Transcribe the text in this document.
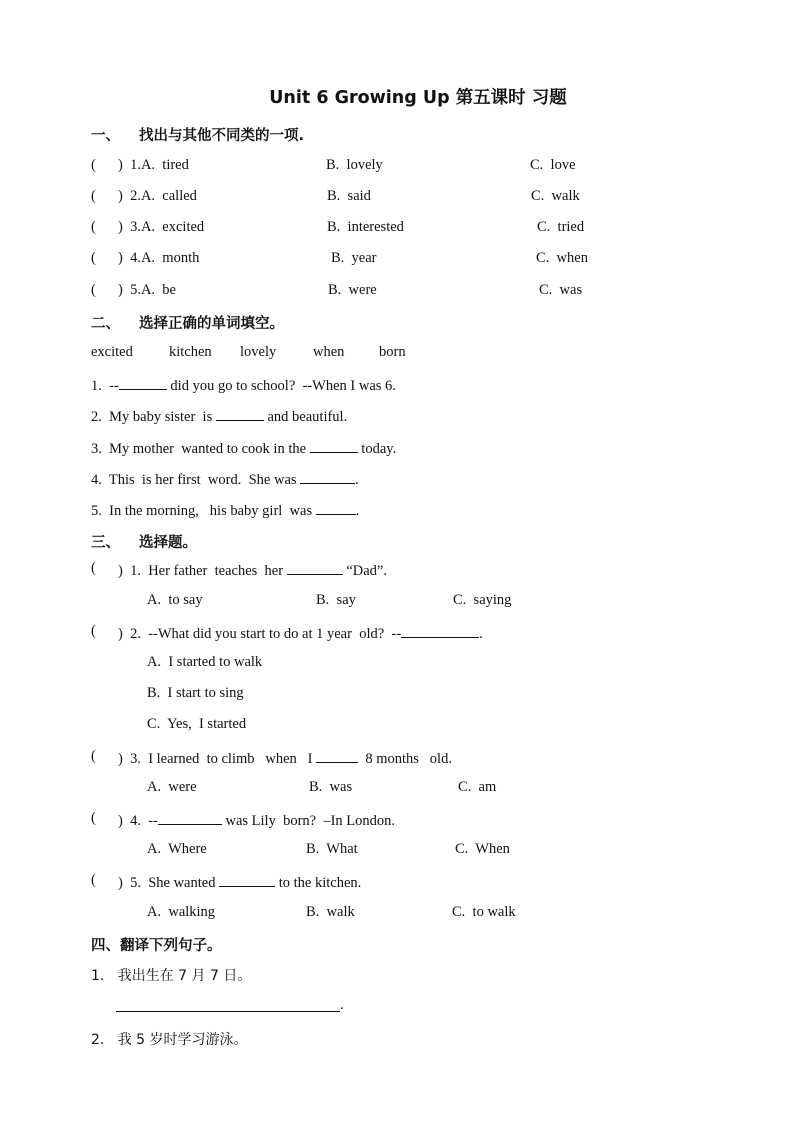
Unit 6 Growing Up 第五课时 习题
一、 找出与其他不同类的一项.
(
)  1.A.  tired	B.  lovely	C.  love
(
)  2.A.  called	B.  said	C.  walk
(
)  3.A.  excited	B.  interested	C.  tried
(
)  4.A.  month	B.  year	C.  when
(
)  5.A.  be	B.  were	C.  was
二、 选择正确的单词填空。
excited kitchen lovely	when born
1.  --	did you go to school?  --When I was 6.
2.  My baby sister  is	and beautiful.
3.  My mother  wanted to cook in the	today.
4.  This  is her first  word.  She was	.
5.  In the morning,   his baby girl  was	.
三、 选择题。
(
)  1.  Her father  teaches  her	“Dad”.
A.  to say	B.  say	C.  saying
(
)  2.  --What did you start to do at 1 year  old?  --	.
A.  I started to walk
B.  I start to sing
C.  Yes,  I started
(
)  3.  I learned  to climb   when   I	8 months   old.
A.  were	B.  was	C.  am
(
)  4.  --	was Lily  born?  –In London.
A.  Where	B.  What	C.  When
(
)  5.  She wanted	to the kitchen.
A.  walking	B.  walk	C.  to walk
四、翻译下列句子。
1.   我出生在 7 月 7 日。
.
2.   我 5 岁时学习游泳。
